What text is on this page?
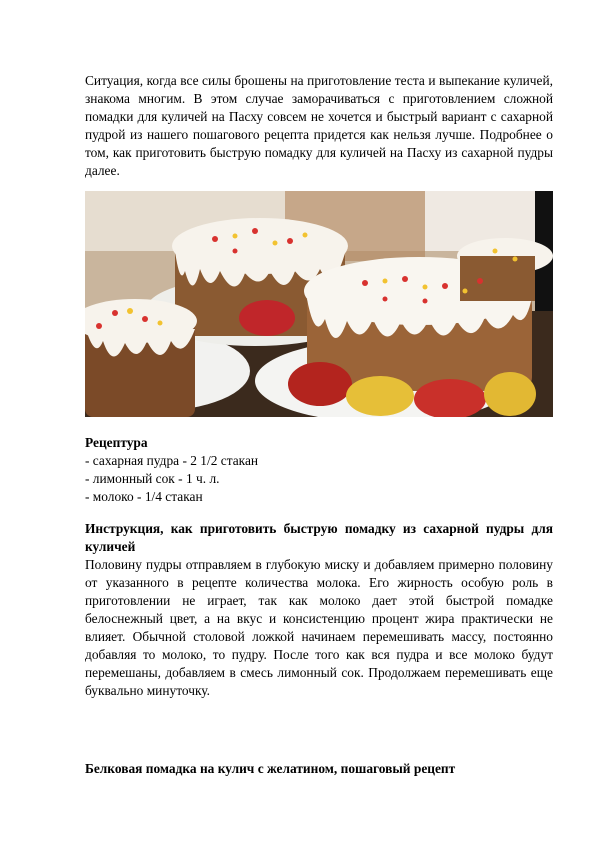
Ситуация, когда все силы брошены на приготовление теста и выпекание куличей, знакома многим. В этом случае заморачиваться с приготовлением сложной помадки для куличей на Пасху совсем не хочется и быстрый вариант с сахарной пудрой из нашего пошагового рецепта придется как нельзя лучше. Подробнее о том, как приготовить быструю помадку для куличей на Пасху из сахарной пудры далее.

Рецептура

- сахарная пудра - 2 1/2 стакан
- лимонный сок - 1 ч. л.
- молоко - 1/4 стакан

Инструкция, как приготовить быструю помадку из сахарной пудры для куличей

Половину пудры отправляем в глубокую миску и добавляем примерно половину от указанного в рецепте количества молока. Его жирность особую роль в приготовлении не играет, так как молоко дает этой быстрой помадке белоснежный цвет, а на вкус и консистенцию процент жира практически не влияет. Обычной столовой ложкой начинаем перемешивать массу, постоянно добавляя то молоко, то пудру. После того как вся пудра и все молоко будут перемешаны, добавляем в смесь лимонный сок. Продолжаем перемешивать еще буквально минуточку.

Белковая помадка на кулич с желатином, пошаговый рецепт
